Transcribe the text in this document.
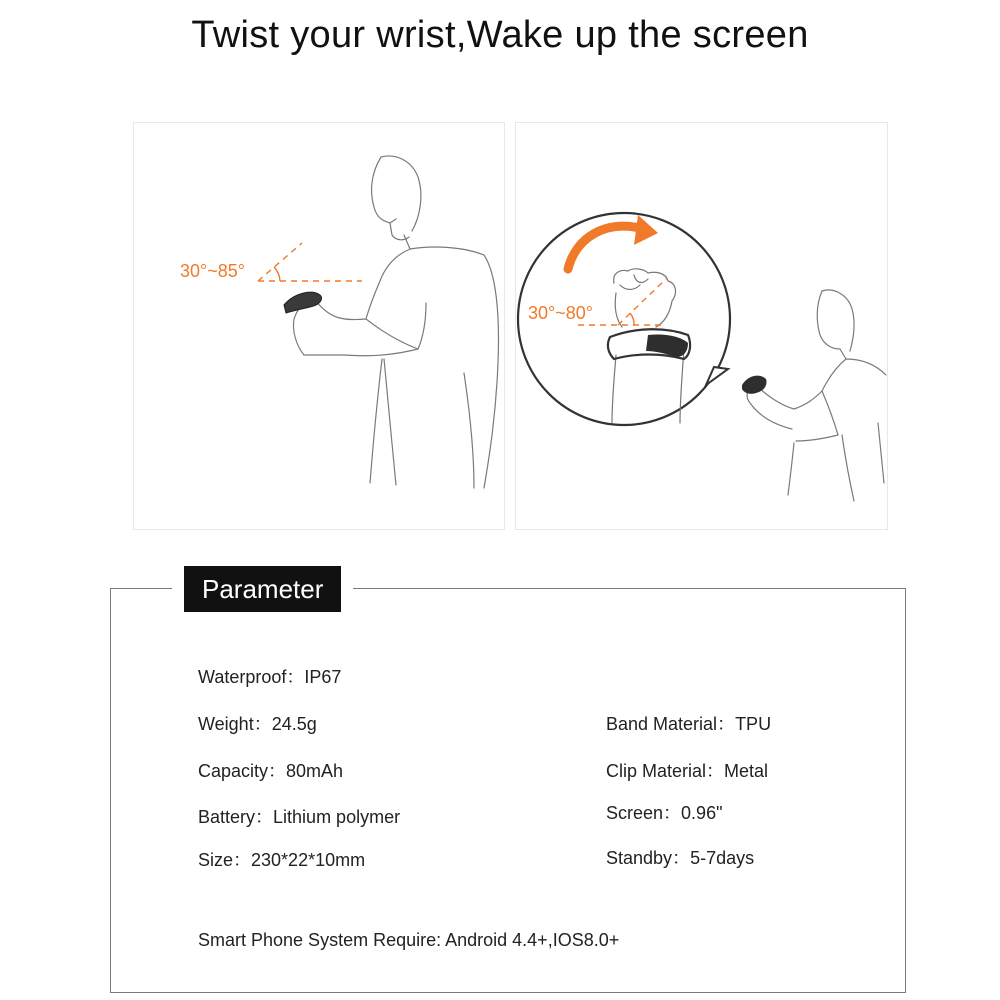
Twist your wrist,Wake up the screen
30°~85°
30°~80°
Parameter
Waterproof：IP67
Weight：24.5g
Capacity：80mAh
Battery：Lithium polymer
Size：230*22*10mm
Band Material：TPU
Clip Material：Metal
Screen：0.96"
Standby：5-7days
Smart Phone System Require: Android 4.4+,IOS8.0+
